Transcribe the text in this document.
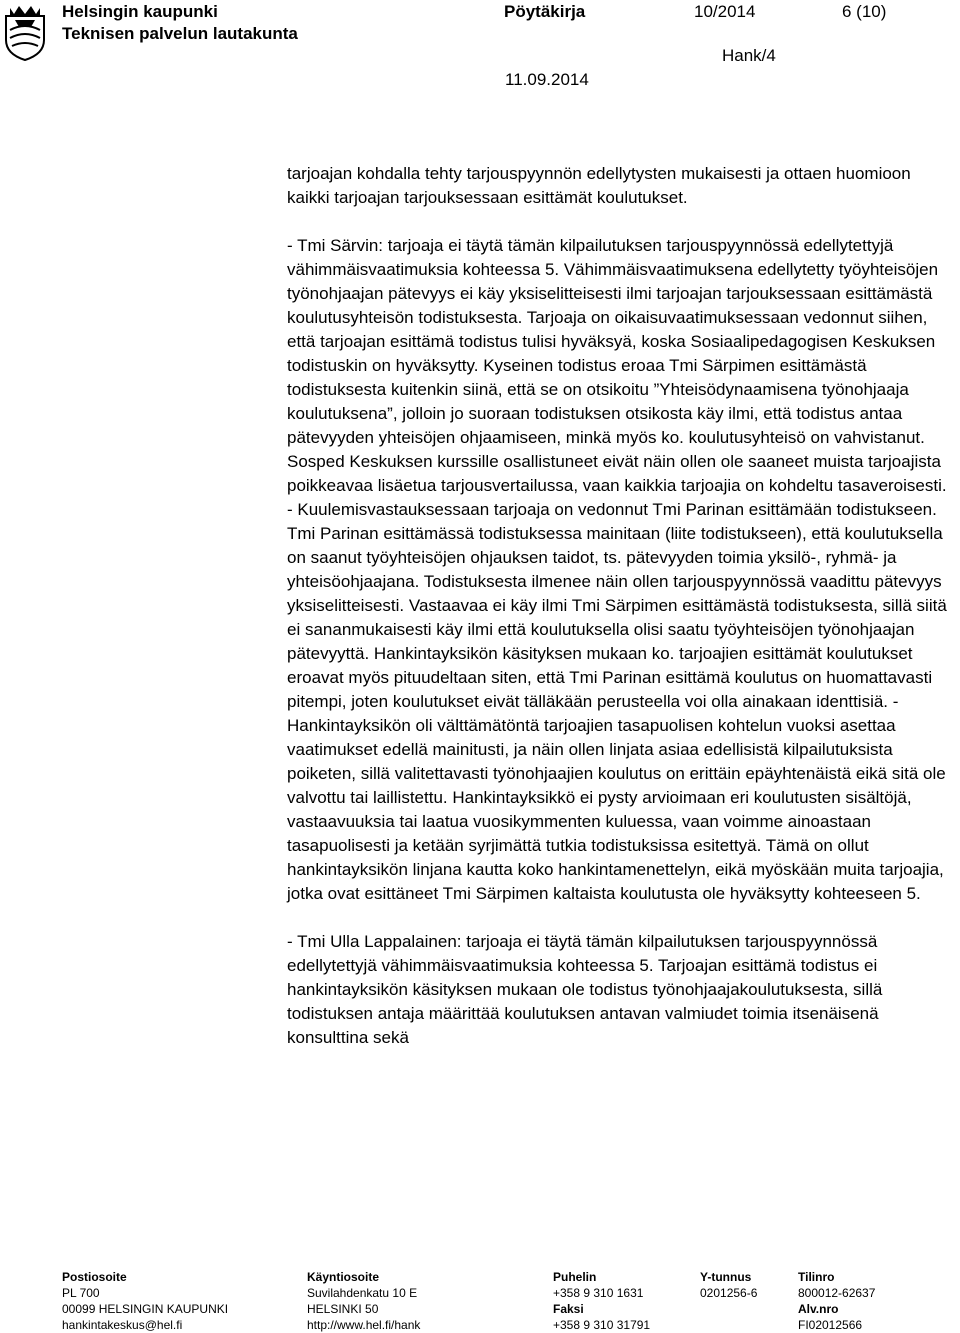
Helsingin kaupunki
Teknisen palvelun lautakunta
Pöytäkirja	10/2014	6 (10)
Hank/4
11.09.2014

tarjoajan kohdalla tehty tarjouspyynnön edellytysten mukaisesti ja ottaen huomioon kaikki tarjoajan tarjouksessaan esittämät koulutukset.

- Tmi Särvin: tarjoaja ei täytä tämän kilpailutuksen tarjouspyynnössä edellytettyjä vähimmäisvaatimuksia kohteessa 5. Vähimmäisvaatimuksena edellytetty työyhteisöjen työnohjaajan pätevyys ei käy yksiselitteisesti ilmi tarjoajan tarjouksessaan esittämästä koulutusyhteisön todistuksesta. Tarjoaja on oikaisuvaatimuksessaan vedonnut siihen, että tarjoajan esittämä todistus tulisi hyväksyä, koska Sosiaalipedagogisen Keskuksen todistuskin on hyväksytty. Kyseinen todistus eroaa Tmi Särpimen esittämästä todistuksesta kuitenkin siinä, että se on otsikoitu ”Yhteisödynaamisena työnohjaaja koulutuksena”, jolloin jo suoraan todistuksen otsikosta käy ilmi, että todistus antaa pätevyyden yhteisöjen ohjaamiseen, minkä myös ko. koulutusyhteisö on vahvistanut. Sosped Keskuksen kurssille osallistuneet eivät näin ollen ole saaneet muista tarjoajista poikkeavaa lisäetua tarjousvertailussa, vaan kaikkia tarjoajia on kohdeltu tasaveroisesti. - Kuulemisvastauksessaan tarjoaja on vedonnut Tmi Parinan esittämään todistukseen. Tmi Parinan esittämässä todistuksessa mainitaan (liite todistukseen), että koulutuksella on saanut työyhteisöjen ohjauksen taidot, ts. pätevyyden toimia yksilö-, ryhmä- ja yhteisöohjaajana. Todistuksesta ilmenee näin ollen tarjouspyynnössä vaadittu pätevyys yksiselitteisesti. Vastaavaa ei käy ilmi Tmi Särpimen esittämästä todistuksesta, sillä siitä ei sananmukaisesti käy ilmi että koulutuksella olisi saatu työyhteisöjen työnohjaajan pätevyyttä. Hankintayksikön käsityksen mukaan ko. tarjoajien esittämät koulutukset eroavat myös pituudeltaan siten, että Tmi Parinan esittämä koulutus on huomattavasti pitempi, joten koulutukset eivät tälläkään perusteella voi olla ainakaan identtisiä. - Hankintayksikön oli välttämätöntä tarjoajien tasapuolisen kohtelun vuoksi asettaa vaatimukset edellä mainitusti, ja näin ollen linjata asiaa edellisistä kilpailutuksista poiketen, sillä valitettavasti työnohjaajien koulutus on erittäin epäyhtenäistä eikä sitä ole valvottu tai laillistettu. Hankintayksikkö ei pysty arvioimaan eri koulutusten sisältöjä, vastaavuuksia tai laatua vuosikymmenten kuluessa, vaan voimme ainoastaan tasapuolisesti ja ketään syrjimättä tutkia todistuksissa esitettyä. Tämä on ollut hankintayksikön linjana kautta koko hankintamenettelyn, eikä myöskään muita tarjoajia, jotka ovat esittäneet Tmi Särpimen kaltaista koulutusta ole hyväksytty kohteeseen 5.

- Tmi Ulla Lappalainen: tarjoaja ei täytä tämän kilpailutuksen tarjouspyynnössä edellytettyjä vähimmäisvaatimuksia kohteessa 5. Tarjoajan esittämä todistus ei hankintayksikön käsityksen mukaan ole todistus työnohjaajakoulutuksesta, sillä todistuksen antaja määrittää koulutuksen antavan valmiudet toimia itsenäisenä konsulttina sekä

Postiosoite
PL 700
00099 HELSINGIN KAUPUNKI
hankintakeskus@hel.fi
Käyntiosoite
Suvilahdenkatu 10 E
HELSINKI 50
http://www.hel.fi/hank
Puhelin
+358 9 310 1631
Faksi
+358 9 310 31791
Y-tunnus
0201256-6
Tilinro
800012-62637
Alv.nro
FI02012566
